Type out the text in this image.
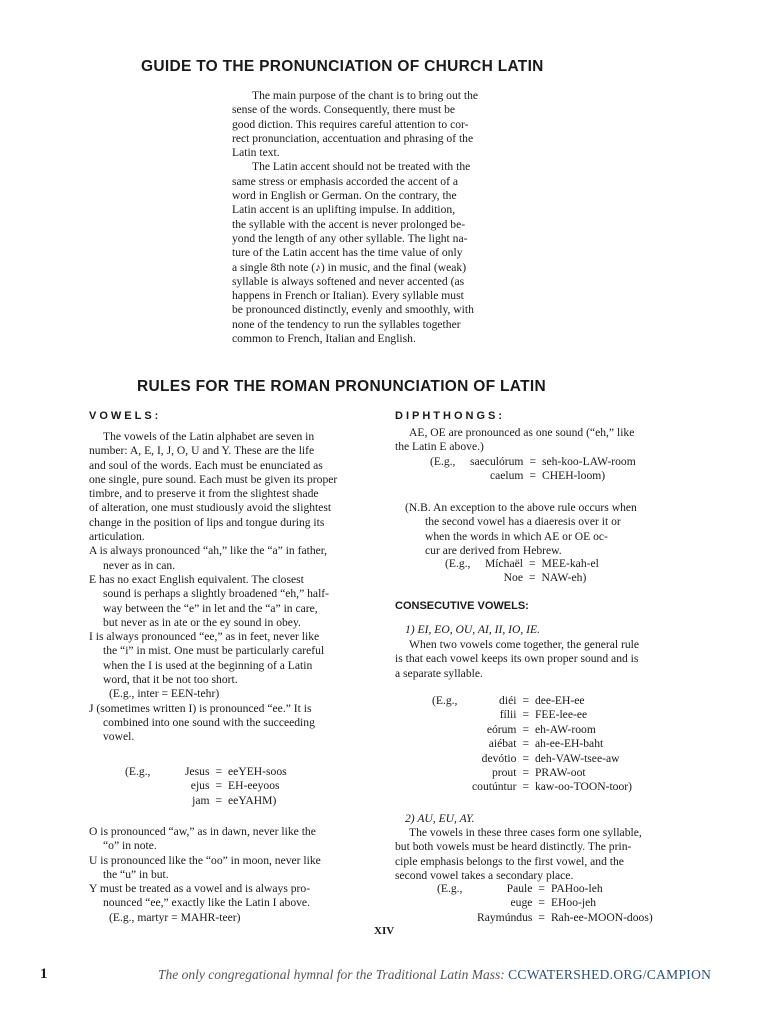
GUIDE TO THE PRONUNCIATION OF CHURCH LATIN
The main purpose of the chant is to bring out the
sense of the words. Consequently, there must be
good diction. This requires careful attention to cor-
rect pronunciation, accentuation and phrasing of the
Latin text.
The Latin accent should not be treated with the
same stress or emphasis accorded the accent of a
word in English or German. On the contrary, the
Latin accent is an uplifting impulse. In addition,
the syllable with the accent is never prolonged be-
yond the length of any other syllable. The light na-
ture of the Latin accent has the time value of only
a single 8th note (♪) in music, and the final (weak)
syllable is always softened and never accented (as
happens in French or Italian). Every syllable must
be pronounced distinctly, evenly and smoothly, with
none of the tendency to run the syllables together
common to French, Italian and English.
RULES FOR THE ROMAN PRONUNCIATION OF LATIN
VOWELS:
The vowels of the Latin alphabet are seven in
number: A, E, I, J, O, U and Y. These are the life
and soul of the words. Each must be enunciated as
one single, pure sound. Each must be given its proper
timbre, and to preserve it from the slightest shade
of alteration, one must studiously avoid the slightest
change in the position of lips and tongue during its
articulation.
A is always pronounced “ah,” like the “a” in father,
never as in can.
E has no exact English equivalent. The closest
sound is perhaps a slightly broadened “eh,” half-
way between the “e” in let and the “a” in care,
but never as in ate or the ey sound in obey.
I is always pronounced “ee,” as in feet, never like
the “i” in mist. One must be particularly careful
when the I is used at the beginning of a Latin
word, that it be not too short.
(E.g., inter = EEN-tehr)
J (sometimes written I) is pronounced “ee.” It is
combined into one sound with the succeeding
vowel.
(E.g.,	Jesus	=	eeYEH-soos
	ejus	=	EH-eeyoos
	jam	=	eeYAHM)
O is pronounced “aw,” as in dawn, never like the
“o” in note.
U is pronounced like the “oo” in moon, never like
the “u” in but.
Y must be treated as a vowel and is always pro-
nounced “ee,” exactly like the Latin I above.
(E.g., martyr = MAHR-teer)
DIPHTHONGS:
AE, OE are pronounced as one sound (“eh,” like
the Latin E above.)
(E.g.,	saeculórum	=	seh-koo-LAW-room
	caelum	=	CHEH-loom)
(N.B. An exception to the above rule occurs when
the second vowel has a diaeresis over it or
when the words in which AE or OE oc-
cur are derived from Hebrew.
(E.g.,	Míchaël	=	MEE-kah-el
	Noe	=	NAW-eh)
CONSECUTIVE VOWELS:
1) EI, EO, OU, AI, II, IO, IE.
When two vowels come together, the general rule
is that each vowel keeps its own proper sound and is
a separate syllable.
(E.g.,	diéi	=	dee-EH-ee
	fílii	=	FEE-lee-ee
	eórum	=	eh-AW-room
	aiébat	=	ah-ee-EH-baht
	devótio	=	deh-VAW-tsee-aw
	prout	=	PRAW-oot
	coutúntur	=	kaw-oo-TOON-toor)
2) AU, EU, AY.
The vowels in these three cases form one syllable,
but both vowels must be heard distinctly. The prin-
ciple emphasis belongs to the first vowel, and the
second vowel takes a secondary place.
(E.g.,	Paule	=	PAHoo-leh
	euge	=	EHoo-jeh
	Raymúndus	=	Rah-ee-MOON-doos)
XIV
1	The only congregational hymnal for the Traditional Latin Mass: CCWATERSHED.ORG/CAMPION
